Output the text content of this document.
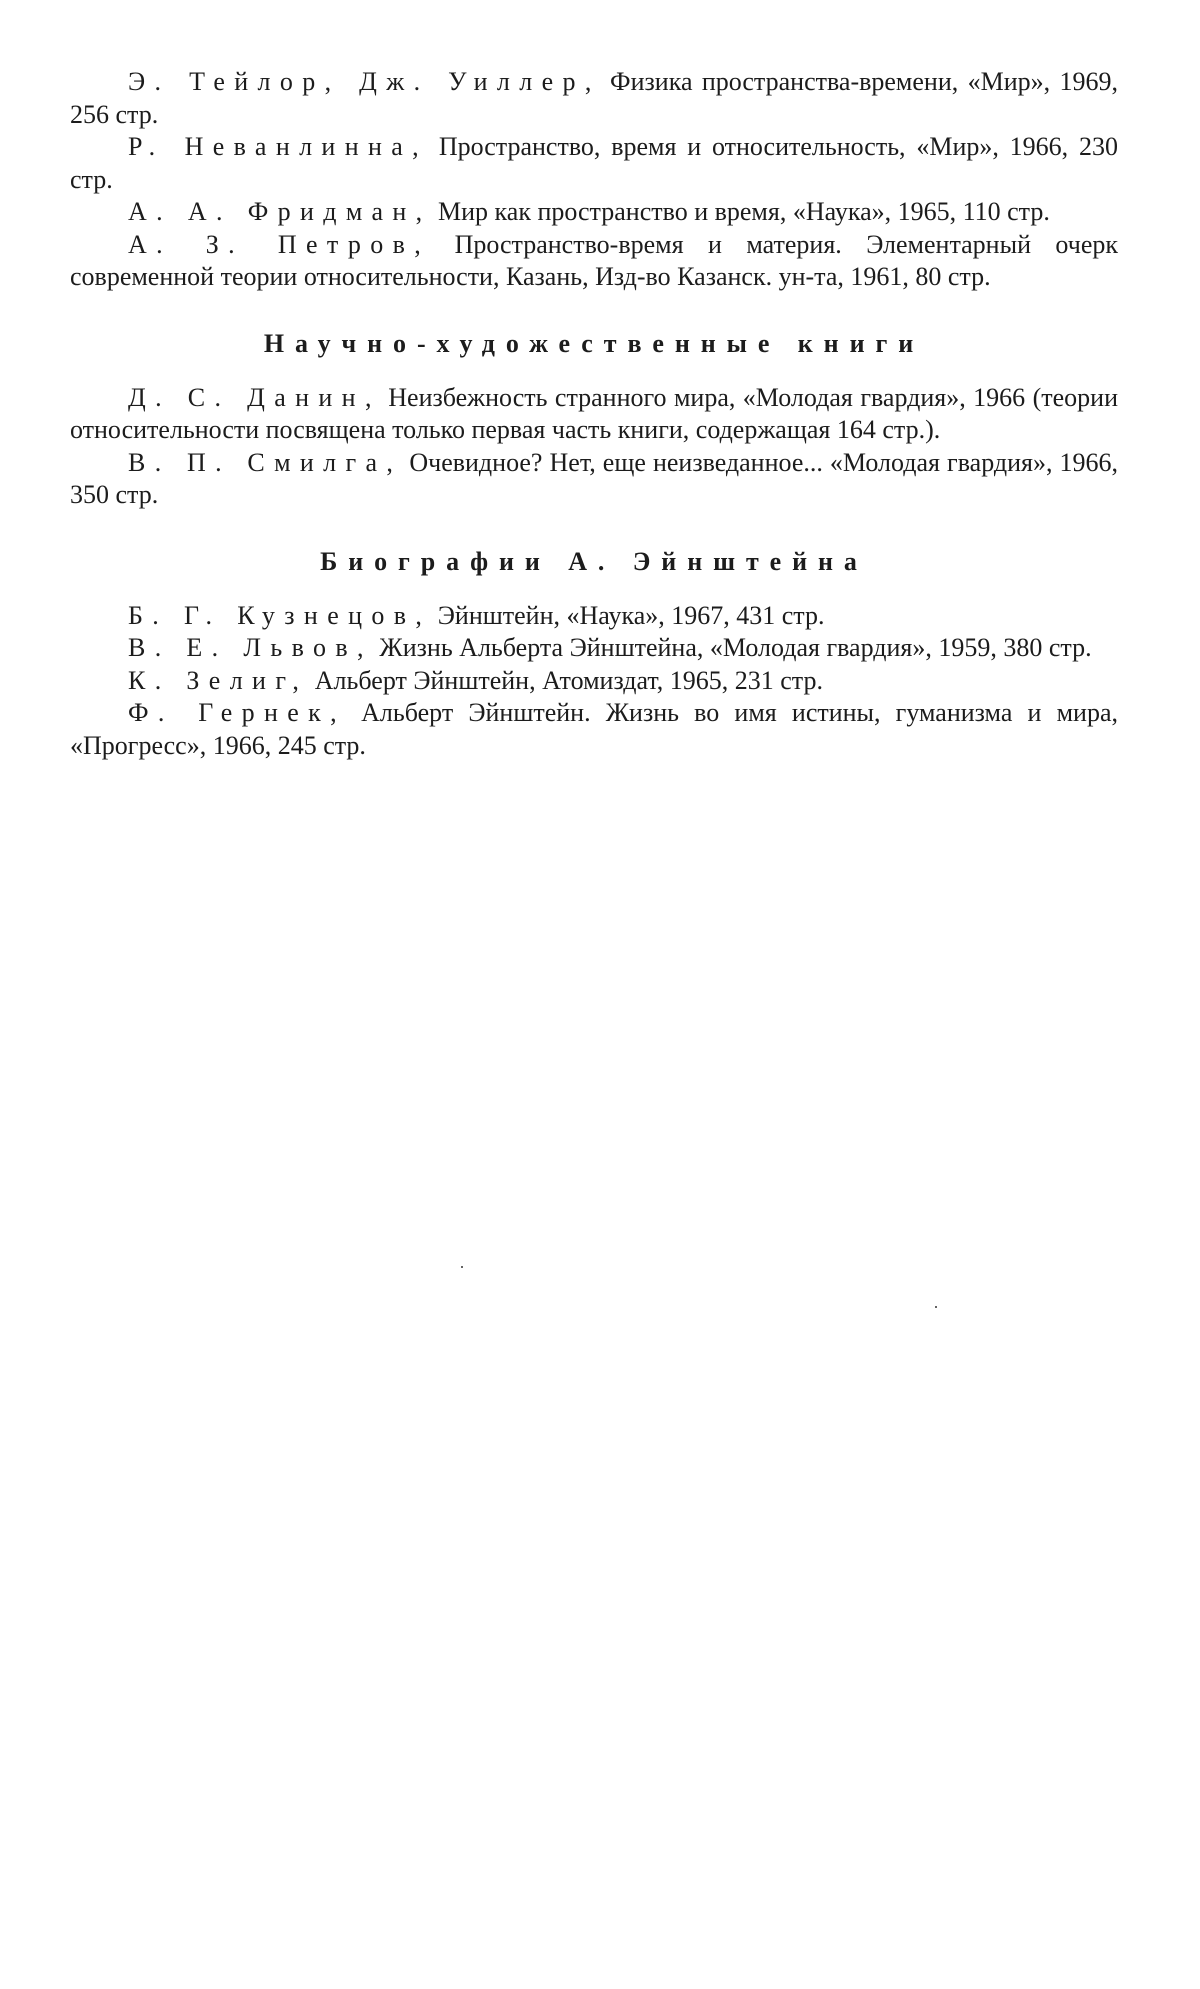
Э. Тейлор, Дж. Уиллер, Физика пространства-времени, «Мир», 1969, 256 стр.

Р. Неванлинна, Пространство, время и относительность, «Мир», 1966, 230 стр.

А. А. Фридман, Мир как пространство и время, «Наука», 1965, 110 стр.

А. З. Петров, Пространство-время и материя. Элементарный очерк современной теории относительности, Казань, Изд-во Казанск. ун-та, 1961, 80 стр.

Научно-художественные книги

Д. С. Данин, Неизбежность странного мира, «Молодая гвардия», 1966 (теории относительности посвящена только первая часть книги, содержащая 164 стр.).

В. П. Смилга, Очевидное? Нет, еще неизведанное... «Молодая гвардия», 1966, 350 стр.

Биографии А. Эйнштейна

Б. Г. Кузнецов, Эйнштейн, «Наука», 1967, 431 стр.

В. Е. Львов, Жизнь Альберта Эйнштейна, «Молодая гвардия», 1959, 380 стр.

К. Зелиг, Альберт Эйнштейн, Атомиздат, 1965, 231 стр.

Ф. Гернек, Альберт Эйнштейн. Жизнь во имя истины, гуманизма и мира, «Прогресс», 1966, 245 стр.
